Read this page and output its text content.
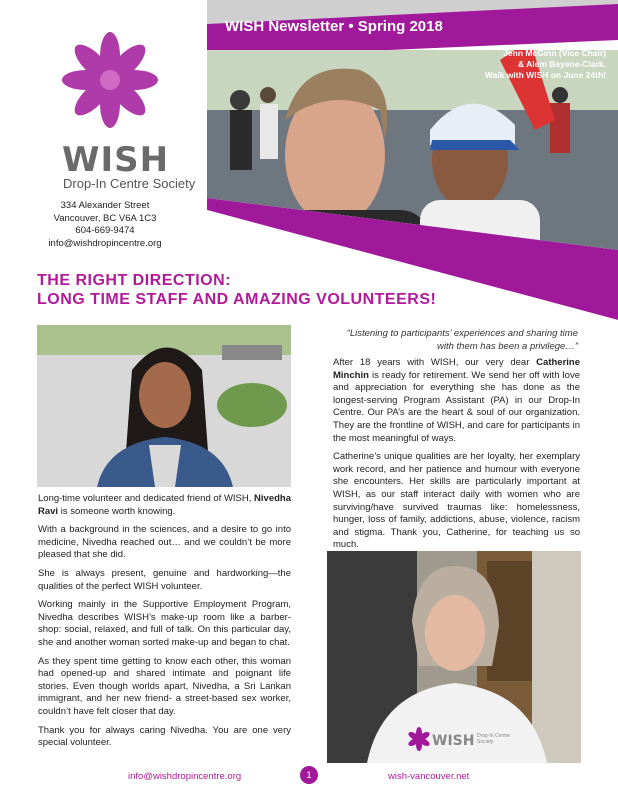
WISH Newsletter • Spring 2018
Jenn McGinn (Vice Chair)
& Alem Beyene-Clark.
Walk with WISH on June 24th!
WISH
Drop-In Centre Society
334 Alexander Street
Vancouver, BC V6A 1C3
604-669-9474
info@wishdropincentre.org
THE RIGHT DIRECTION:
LONG TIME STAFF AND AMAZING VOLUNTEERS!

Long-time volunteer and dedicated friend of WISH, Nivedha Ravi is someone worth knowing.

With a background in the sciences, and a desire to go into medicine, Nivedha reached out… and we couldn’t be more pleased that she did.

She is always present, genuine and hardworking—the qualities of the perfect WISH volunteer.

Working mainly in the Supportive Employment Program, Nivedha describes WISH’s make-up room like a barber-shop: social, relaxed, and full of talk. On this particular day, she and another woman sorted make-up and began to chat.

As they spent time getting to know each other, this woman had opened-up and shared intimate and poignant life stories. Even though worlds apart, Nivedha, a Sri Lankan immigrant, and her new friend- a street-based sex worker, couldn’t have felt closer that day.

Thank you for always caring Nivedha. You are one very special volunteer.

“Listening to participants’ experiences and sharing time with them has been a privilege…”

After 18 years with WISH, our very dear Catherine Minchin is ready for retirement. We send her off with love and appreciation for everything she has done as the longest-serving Program Assistant (PA) in our Drop-In Centre. Our PA’s are the heart & soul of our organization. They are the frontline of WISH, and care for participants in the most meaningful of ways.

Catherine’s unique qualities are her loyalty, her exemplary work record, and her patience and humour with everyone she encounters. Her skills are particularly important at WISH, as our staff interact daily with women who are surviving/have survived traumas like: homelessness, hunger, loss of family, addictions, abuse, violence, racism and stigma. Thank you, Catherine, for teaching us so much.

WISH Drop-In Centre Society
info@wishdropincentre.org	1	wish-vancouver.net
